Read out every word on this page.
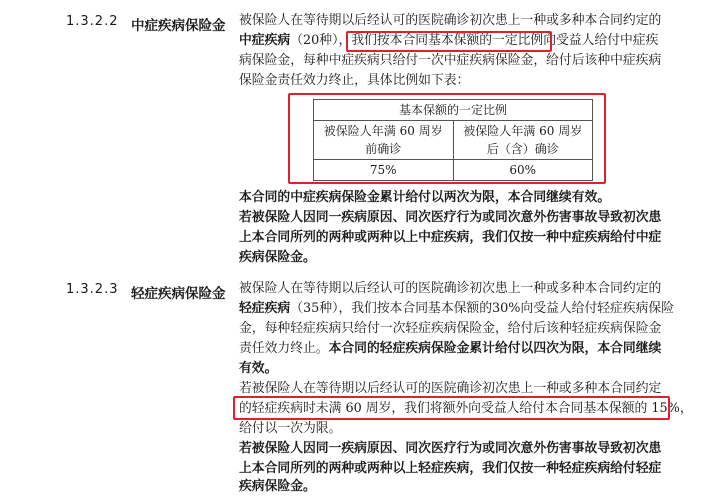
1.3.2.2 中症疾病保险金 被保险人在等待期以后经认可的医院确诊初次患上一种或多种本合同约定的
中症疾病（20种），我们按本合同基本保额的一定比例向受益人给付中症疾
病保险金，每种中症疾病只给付一次中症疾病保险金，给付后该种中症疾病
保险金责任效力终止，具体比例如下表：
基本保额的一定比例	
被保险人年满 60 周岁
前确诊	被保险人年满 60 周岁
后（含）确诊
75%	60%
本合同的中症疾病保险金累计给付以两次为限，本合同继续有效。
若被保险人因同一疾病原因、同次医疗行为或同次意外伤害事故导致初次患
上本合同所列的两种或两种以上中症疾病，我们仅按一种中症疾病给付中症
疾病保险金。
1.3.2.3 轻症疾病保险金 被保险人在等待期以后经认可的医院确诊初次患上一种或多种本合同约定的
轻症疾病（35种），我们按本合同基本保额的30%向受益人给付轻症疾病保险
金，每种轻症疾病只给付一次轻症疾病保险金，给付后该种轻症疾病保险金
责任效力终止。本合同的轻症疾病保险金累计给付以四次为限，本合同继续
有效。
若被保险人在等待期以后经认可的医院确诊初次患上一种或多种本合同约定
的轻症疾病时未满 60 周岁，我们将额外向受益人给付本合同基本保额的 15%，
给付以一次为限。
若被保险人因同一疾病原因、同次医疗行为或同次意外伤害事故导致初次患
上本合同所列的两种或两种以上轻症疾病，我们仅按一种轻症疾病给付轻症
疾病保险金。
